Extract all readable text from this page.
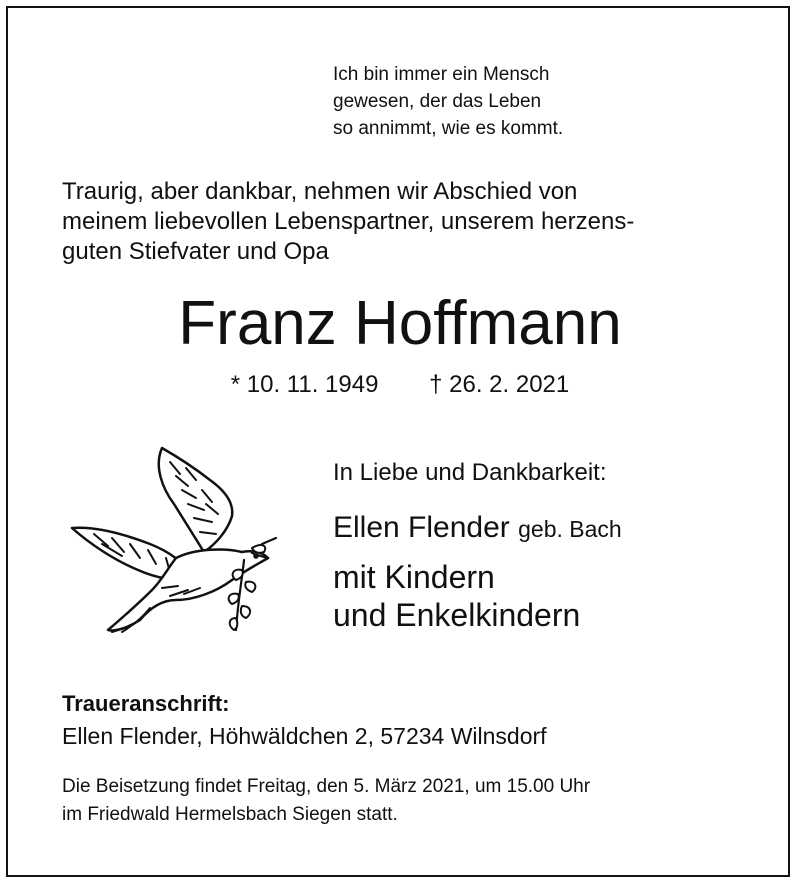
Ich bin immer ein Mensch
gewesen, der das Leben
so annimmt, wie es kommt.
Traurig, aber dankbar, nehmen wir Abschied von
meinem liebevollen Lebenspartner, unserem herzens-
guten Stiefvater und Opa
Franz Hoffmann
* 10. 11. 1949 † 26. 2. 2021
In Liebe und Dankbarkeit:
Ellen Flender geb. Bach
mit Kindern
und Enkelkindern
Traueranschrift:
Ellen Flender, Höhwäldchen 2, 57234 Wilnsdorf
Die Beisetzung findet Freitag, den 5. März 2021, um 15.00 Uhr
im Friedwald Hermelsbach Siegen statt.
